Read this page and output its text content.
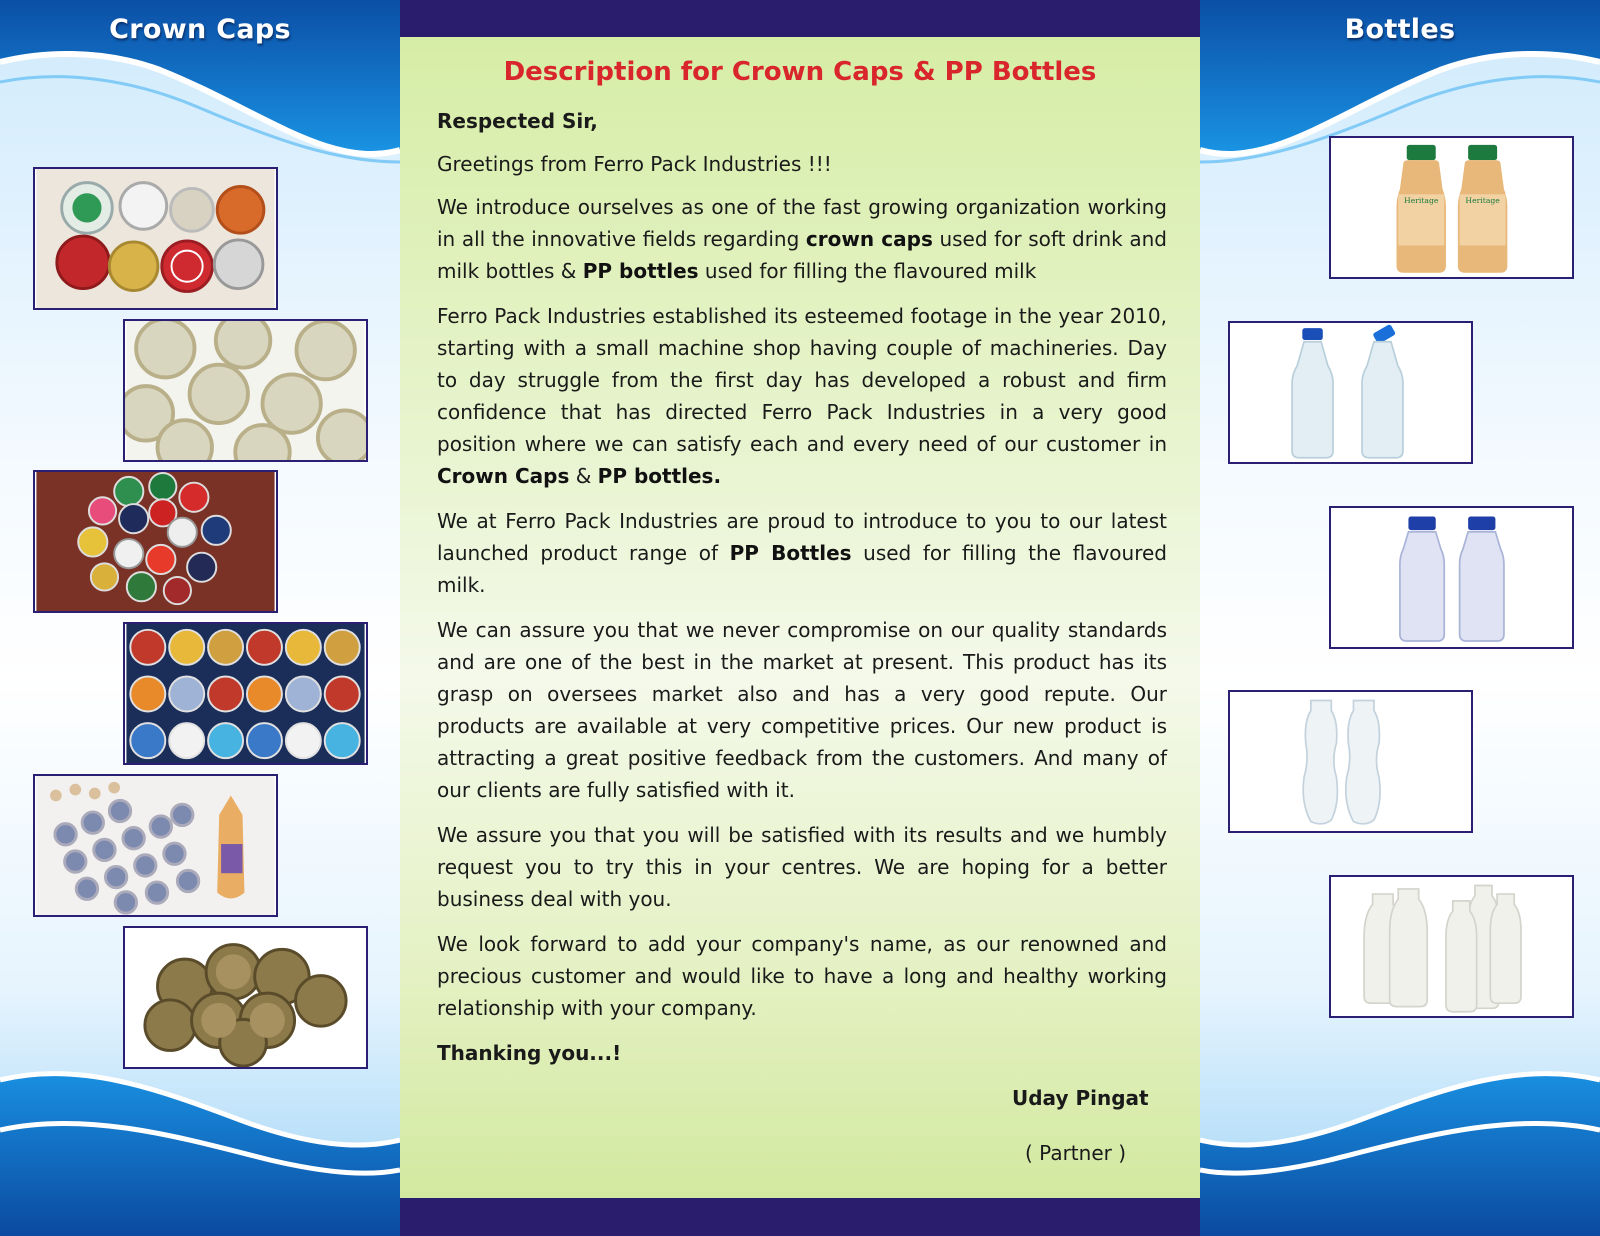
Crown Caps
Description for Crown Caps & PP Bottles
Respected Sir,

Greetings from Ferro Pack Industries !!!

We introduce ourselves as one of the fast growing organization working in all the innovative fields regarding crown caps used for soft drink and milk bottles & PP bottles used for filling the flavoured milk

Ferro Pack Industries established its esteemed footage in the year 2010, starting with a small machine shop having couple of machineries. Day to day struggle from the first day has developed a robust and firm confidence that has directed Ferro Pack Industries in a very good position where we can satisfy each and every need of our customer in Crown Caps & PP bottles.

We at Ferro Pack Industries are proud to introduce to you to our latest launched product range of PP Bottles used for filling the flavoured milk.

We can assure you that we never compromise on our quality standards and are one of the best in the market at present. This product has its grasp on oversees market also and has a very good repute. Our products are available at very competitive prices. Our new product is attracting a great positive feedback from the customers. And many of our clients are fully satisfied with it.

We assure you that you will be satisfied with its results and we humbly request you to try this in your centres. We are hoping for a better business deal with you.

We look forward to add your company's name, as our renowned and precious customer and would like to have a long and healthy working relationship with your company.

Thanking you...!
Uday Pingat
( Partner )
Bottles
Heritage	Heritage
